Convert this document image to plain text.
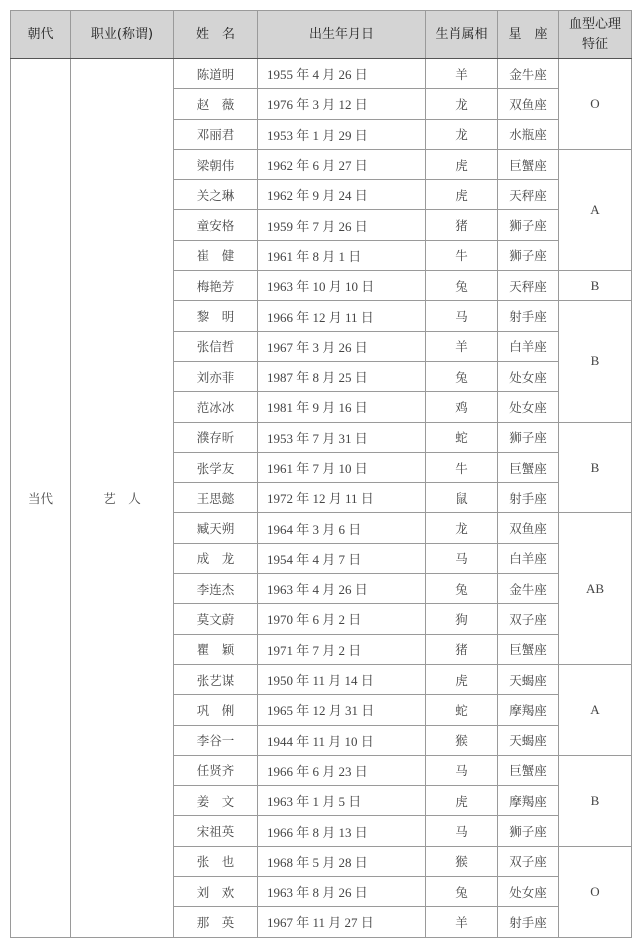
朝代	职业(称谓)	姓　名	出生年月日	生肖属相	星　座	血型心理特征
当代	艺　人	陈道明	1955 年 4 月 26 日	羊	金牛座	O
		赵　薇	1976 年 3 月 12 日	龙	双鱼座	
		邓丽君	1953 年 1 月 29 日	龙	水瓶座	
		梁朝伟	1962 年 6 月 27 日	虎	巨蟹座	A
		关之琳	1962 年 9 月 24 日	虎	天秤座	
		童安格	1959 年 7 月 26 日	猪	狮子座	
		崔　健	1961 年 8 月 1 日	牛	狮子座	
		梅艳芳	1963 年 10 月 10 日	兔	天秤座	B
		黎　明	1966 年 12 月 11 日	马	射手座	B
		张信哲	1967 年 3 月 26 日	羊	白羊座	
		刘亦菲	1987 年 8 月 25 日	兔	处女座	
		范冰冰	1981 年 9 月 16 日	鸡	处女座	
		濮存昕	1953 年 7 月 31 日	蛇	狮子座	B
		张学友	1961 年 7 月 10 日	牛	巨蟹座	
		王思懿	1972 年 12 月 11 日	鼠	射手座	
		臧天朔	1964 年 3 月 6 日	龙	双鱼座	AB
		成　龙	1954 年 4 月 7 日	马	白羊座	
		李连杰	1963 年 4 月 26 日	兔	金牛座	
		莫文蔚	1970 年 6 月 2 日	狗	双子座	
		瞿　颖	1971 年 7 月 2 日	猪	巨蟹座	
		张艺谋	1950 年 11 月 14 日	虎	天蝎座	A
		巩　俐	1965 年 12 月 31 日	蛇	摩羯座	
		李谷一	1944 年 11 月 10 日	猴	天蝎座	
		任贤齐	1966 年 6 月 23 日	马	巨蟹座	B
		姜　文	1963 年 1 月 5 日	虎	摩羯座	
		宋祖英	1966 年 8 月 13 日	马	狮子座	
		张　也	1968 年 5 月 28 日	猴	双子座	O
		刘　欢	1963 年 8 月 26 日	兔	处女座	
		那　英	1967 年 11 月 27 日	羊	射手座	
